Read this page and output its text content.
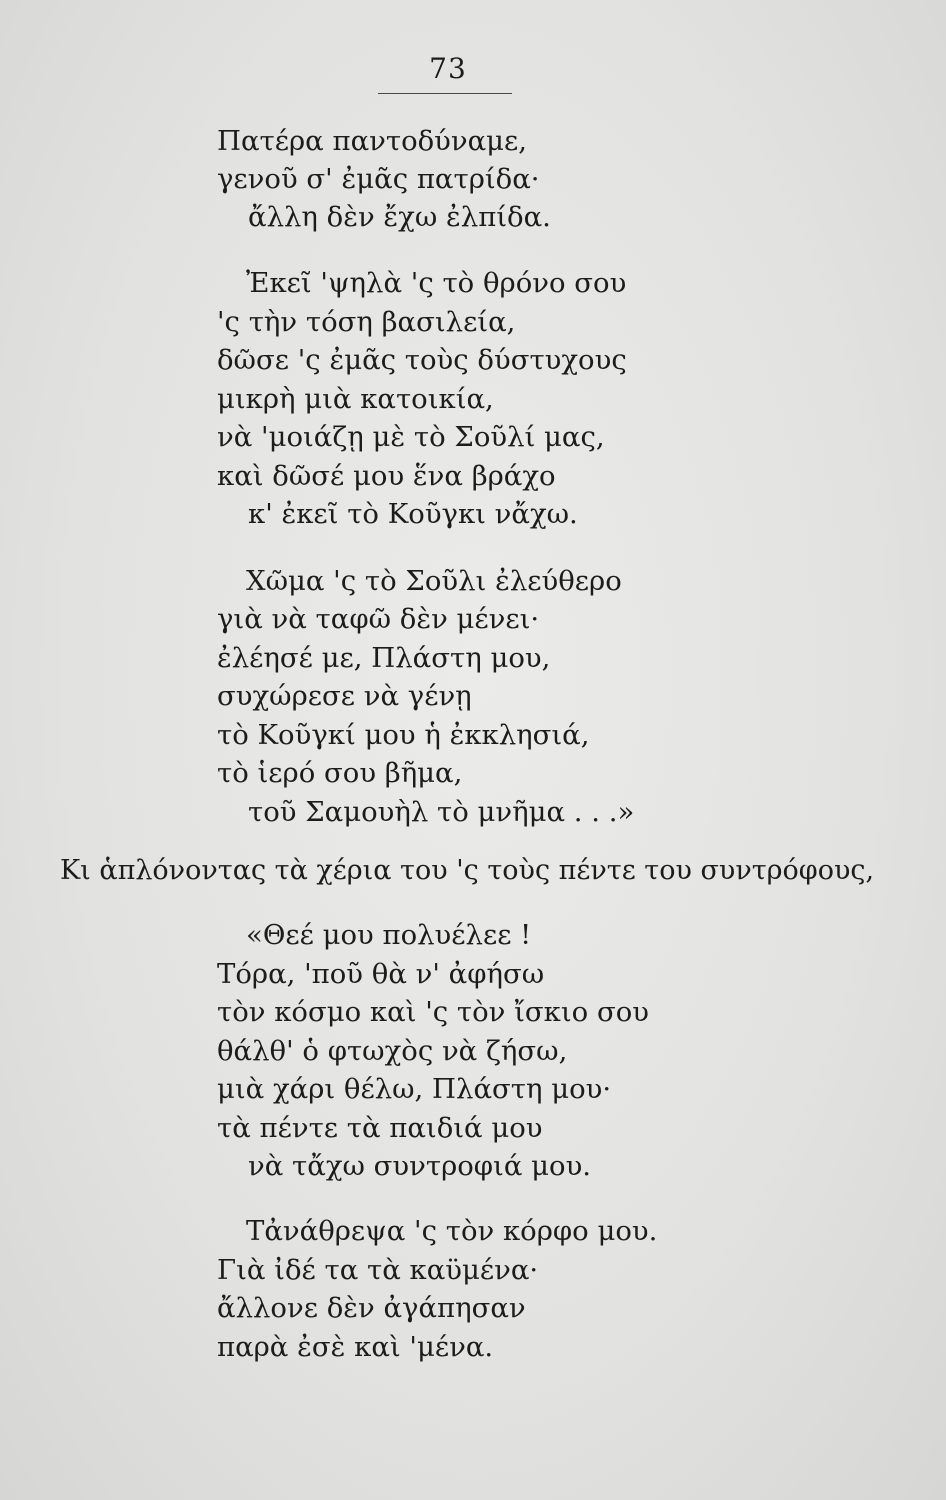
73
Πατέρα παντοδύναμε,
γενοῦ σ' ἐμᾶς πατρίδα·
ἄλλη δὲν ἔχω ἐλπίδα.
Ἐκεῖ 'ψηλὰ 'ς τὸ θρόνο σου
'ς τὴν τόση βασιλεία,
δῶσε 'ς ἐμᾶς τοὺς δύστυχους
μικρὴ μιὰ κατοικία,
νὰ 'μοιάζῃ μὲ τὸ Σοῦλί μας,
καὶ δῶσέ μου ἕνα βράχο
κ' ἐκεῖ τὸ Κοῦγκι νἄχω.
Χῶμα 'ς τὸ Σοῦλι ἐλεύθερο
γιὰ νὰ ταφῶ δὲν μένει·
ἐλέησέ με, Πλάστη μου,
συχώρεσε νὰ γένῃ
τὸ Κοῦγκί μου ἡ ἐκκλησιά,
τὸ ἱερό σου βῆμα,
τοῦ Σαμουὴλ τὸ μνῆμα . . .»
Κι ἁπλόνοντας τὰ χέρια του 'ς τοὺς πέντε του συντρόφους,
«Θεέ μου πολυέλεε !
Τόρα, 'ποῦ θὰ ν' ἀφήσω
τὸν κόσμο καὶ 'ς τὸν ἴσκιο σου
θάλθ' ὁ φτωχὸς νὰ ζήσω,
μιὰ χάρι θέλω, Πλάστη μου·
τὰ πέντε τὰ παιδιά μου
νὰ τἄχω συντροφιά μου.
Τἀνάθρεψα 'ς τὸν κόρφο μου.
Γιὰ ἰδέ τα τὰ καϋμένα·
ἄλλονε δὲν ἀγάπησαν
παρὰ ἐσὲ καὶ 'μένα.
